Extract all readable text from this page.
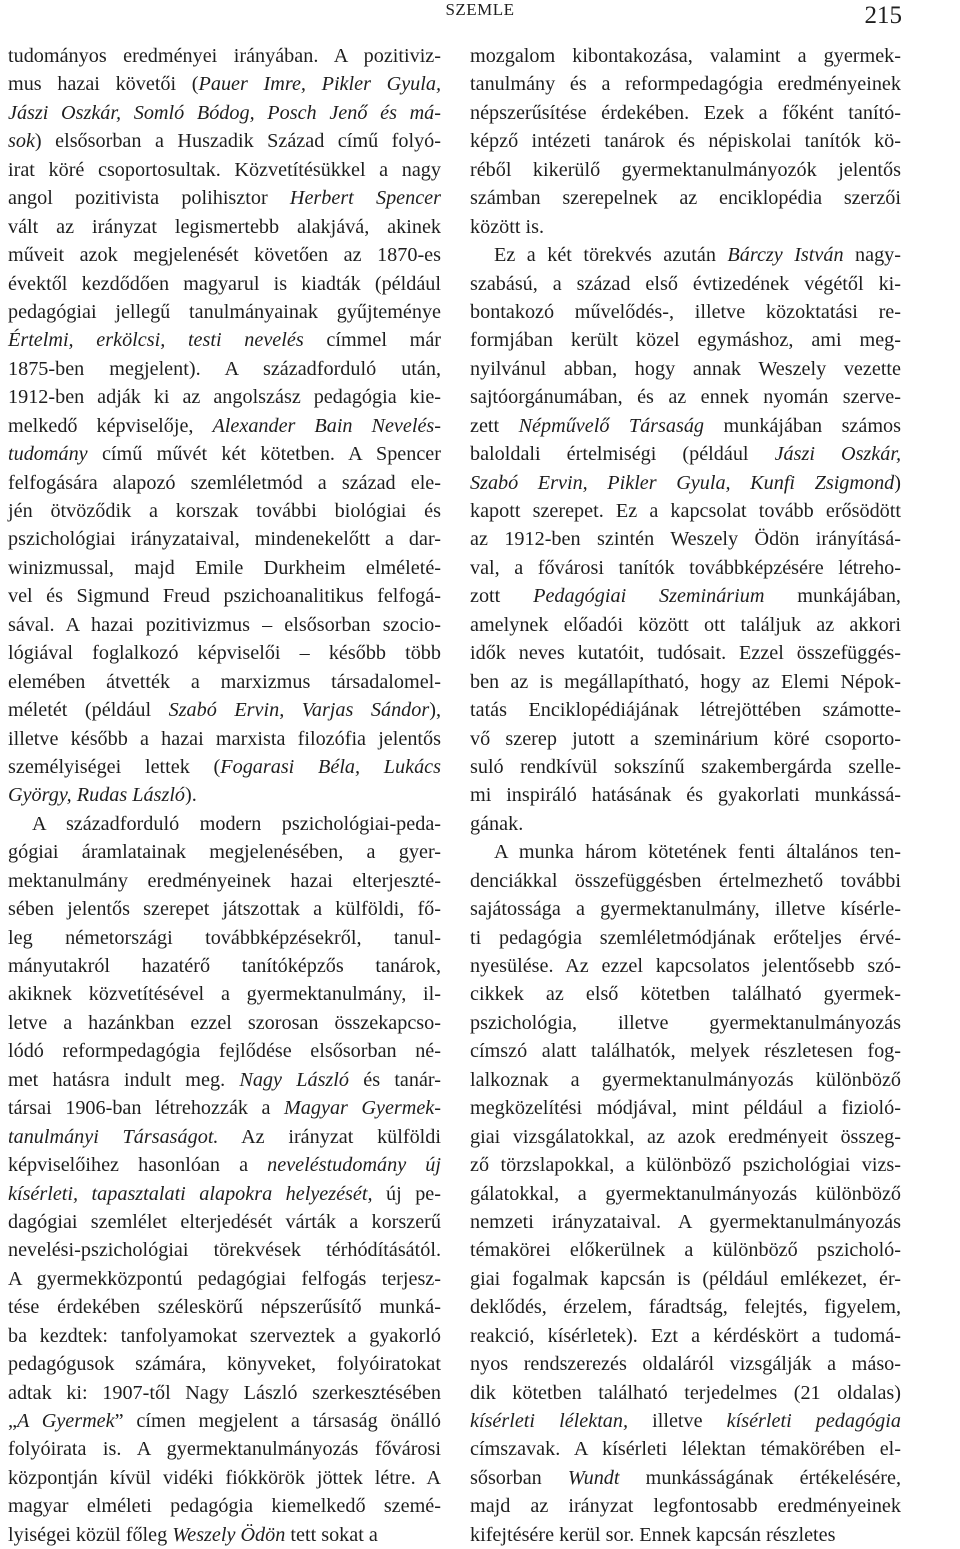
SZEMLE	215
tudományos eredményei irányában. A pozitiviz-
mus hazai követői (Pauer Imre, Pikler Gyula,
Jászi Oszkár, Somló Bódog, Posch Jenő és má-
sok) elsősorban a Huszadik Század című folyó-
irat köré csoportosultak. Közvetítésükkel a nagy
angol pozitivista polihisztor Herbert Spencer
vált az irányzat legismertebb alakjává, akinek
műveit azok megjelenését követően az 1870-es
évektől kezdődően magyarul is kiadták (például
pedagógiai jellegű tanulmányainak gyűjteménye
Értelmi, erkölcsi, testi nevelés címmel már
1875-ben megjelent). A századforduló után,
1912-ben adják ki az angolszász pedagógia kie-
melkedő képviselője, Alexander Bain Nevelés-
tudomány című művét két kötetben. A Spencer
felfogására alapozó szemléletmód a század ele-
jén ötvöződik a korszak további biológiai és
pszichológiai irányzataival, mindenekelőtt a dar-
winizmussal, majd Emile Durkheim elméleté-
vel és Sigmund Freud pszichoanalitikus felfogá-
sával. A hazai pozitivizmus – elsősorban szocio-
lógiával foglalkozó képviselői – később több
elemében átvették a marxizmus társadalomel-
méletét (például Szabó Ervin, Varjas Sándor),
illetve később a hazai marxista filozófia jelentős
személyiségei lettek (Fogarasi Béla, Lukács
György, Rudas László).
A századforduló modern pszichológiai-peda-
gógiai áramlatainak megjelenésében, a gyer-
mektanulmány eredményeinek hazai elterjeszté-
sében jelentős szerepet játszottak a külföldi, fő-
leg németországi továbbképzésekről, tanul-
mányutakról hazatérő tanítóképzős tanárok,
akiknek közvetítésével a gyermektanulmány, il-
letve a hazánkban ezzel szorosan összekapcso-
lódó reformpedagógia fejlődése elsősorban né-
met hatásra indult meg. Nagy László és tanár-
társai 1906-ban létrehozzák a Magyar Gyermek-
tanulmányi Társaságot. Az irányzat külföldi
képviselőihez hasonlóan a neveléstudomány új
kísérleti, tapasztalati alapokra helyezését, új pe-
dagógiai szemlélet elterjedését várták a korszerű
nevelési-pszichológiai törekvések térhódításától.
A gyermekközpontú pedagógiai felfogás terjesz-
tése érdekében széleskörű népszerűsítő munká-
ba kezdtek: tanfolyamokat szerveztek a gyakorló
pedagógusok számára, könyveket, folyóiratokat
adtak ki: 1907-től Nagy László szerkesztésében
„A Gyermek” címen megjelent a társaság önálló
folyóirata is. A gyermektanulmányozás fővárosi
központján kívül vidéki fiókkörök jöttek létre. A
magyar elméleti pedagógia kiemelkedő szemé-
lyiségei közül főleg Weszely Ödön tett sokat a
mozgalom kibontakozása, valamint a gyermek-
tanulmány és a reformpedagógia eredményeinek
népszerűsítése érdekében. Ezek a főként tanító-
képző intézeti tanárok és népiskolai tanítók kö-
réből kikerülő gyermektanulmányozók jelentős
számban szerepelnek az enciklopédia szerzői
között is.
Ez a két törekvés azután Bárczy István nagy-
szabású, a század első évtizedének végétől ki-
bontakozó művelődés-, illetve közoktatási re-
formjában került közel egymáshoz, ami meg-
nyilvánul abban, hogy annak Weszely vezette
sajtóorgánumában, és az ennek nyomán szerve-
zett Népművelő Társaság munkájában számos
baloldali értelmiségi (például Jászi Oszkár,
Szabó Ervin, Pikler Gyula, Kunfi Zsigmond)
kapott szerepet. Ez a kapcsolat tovább erősödött
az 1912-ben szintén Weszely Ödön irányításá-
val, a fővárosi tanítók továbbképzésére létreho-
zott Pedagógiai Szeminárium munkájában,
amelynek előadói között ott találjuk az akkori
idők neves kutatóit, tudósait. Ezzel összefüggés-
ben az is megállapítható, hogy az Elemi Népok-
tatás Enciklopédiájának létrejöttében számotte-
vő szerep jutott a szeminárium köré csoporto-
suló rendkívül sokszínű szakembergárda szelle-
mi inspiráló hatásának és gyakorlati munkássá-
gának.
A munka három kötetének fenti általános ten-
denciákkal összefüggésben értelmezhető további
sajátossága a gyermektanulmány, illetve kísérle-
ti pedagógia szemléletmódjának erőteljes érvé-
nyesülése. Az ezzel kapcsolatos jelentősebb szó-
cikkek az első kötetben található gyermek-
pszichológia, illetve gyermektanulmányozás
címszó alatt találhatók, melyek részletesen fog-
lalkoznak a gyermektanulmányozás különböző
megközelítési módjával, mint például a fizioló-
giai vizsgálatokkal, az azok eredményeit összeg-
ző törzslapokkal, a különböző pszichológiai vizs-
gálatokkal, a gyermektanulmányozás különböző
nemzeti irányzataival. A gyermektanulmányozás
témakörei előkerülnek a különböző pszicholó-
giai fogalmak kapcsán is (például emlékezet, ér-
deklődés, érzelem, fáradtság, felejtés, figyelem,
reakció, kísérletek). Ezt a kérdéskört a tudomá-
nyos rendszerezés oldaláról vizsgálják a máso-
dik kötetben található terjedelmes (21 oldalas)
kísérleti lélektan, illetve kísérleti pedagógia
címszavak. A kísérleti lélektan témakörében el-
sősorban Wundt munkásságának értékelésére,
majd az irányzat legfontosabb eredményeinek
kifejtésére kerül sor. Ennek kapcsán részletes
